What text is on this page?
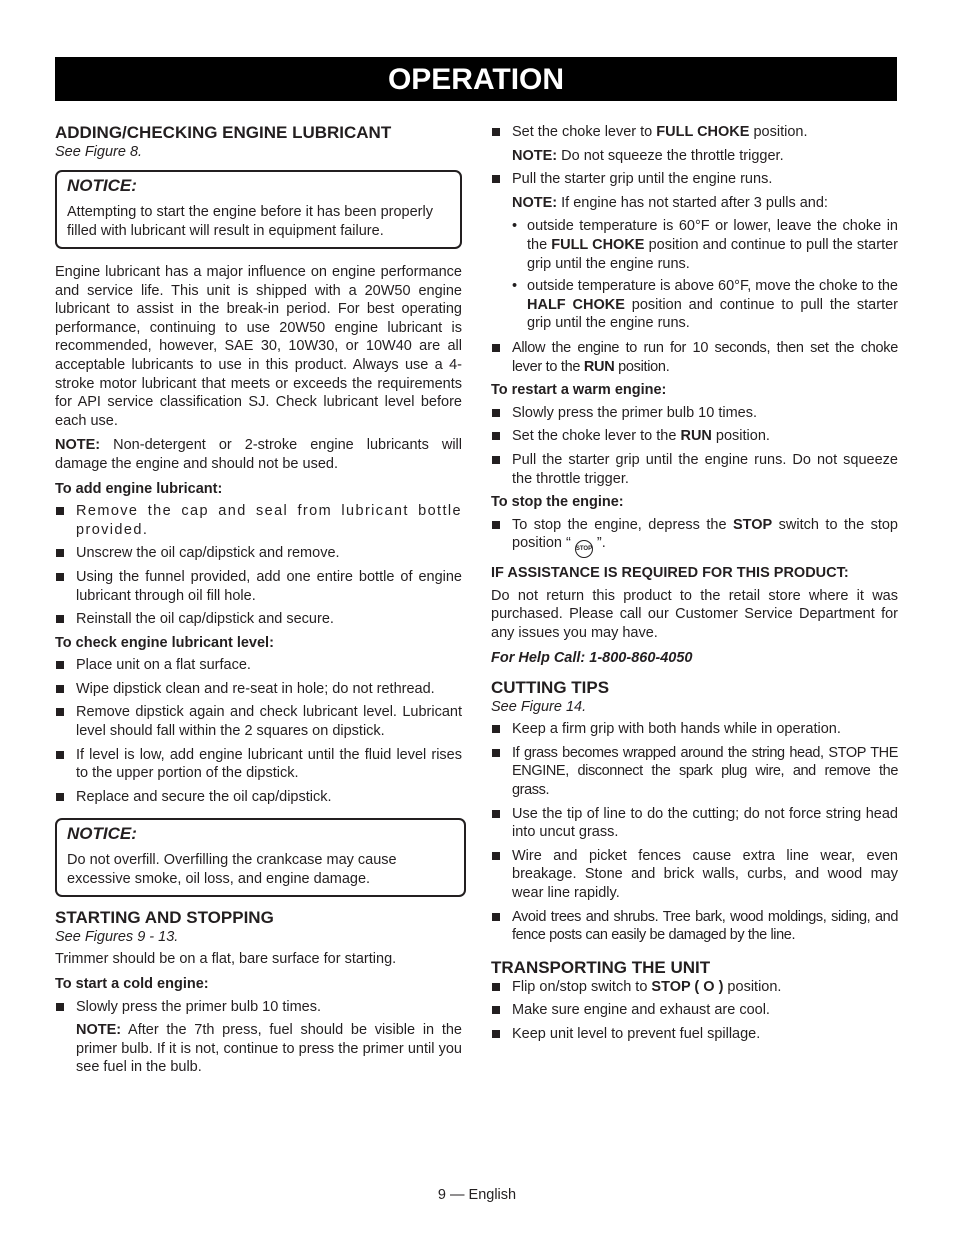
OPERATION
ADDING/CHECKING ENGINE LUBRICANT
See Figure 8.
NOTICE:

Attempting to start the engine before it has been properly filled with lubricant will result in equipment failure.

Engine lubricant has a major influence on engine performance and service life. This unit is shipped with a 20W50 engine lubricant to assist in the break-in period. For best operating performance, continuing to use 20W50 engine lubricant is recommended, however, SAE 30, 10W30, or 10W40 are all acceptable lubricants to use in this product. Always use a 4-stroke motor lubricant that meets or exceeds the requirements for API service classification SJ. Check lubricant level before each use.

NOTE: Non-detergent or 2-stroke engine lubricants will damage the engine and should not be used.

To add engine lubricant:
Remove the cap and seal from lubricant bottle provided.
Unscrew the oil cap/dipstick and remove.
Using the funnel provided, add one entire bottle of engine lubricant through oil fill hole.
Reinstall the oil cap/dipstick and secure.
To check engine lubricant level:
Place unit on a flat surface.
Wipe dipstick clean and re-seat in hole; do not rethread.
Remove dipstick again and check lubricant level. Lubricant level should fall within the 2 squares on dipstick.
If level is low, add engine lubricant until the fluid level rises to the upper portion of the dipstick.
Replace and secure the oil cap/dipstick.
NOTICE:

Do not overfill. Overfilling the crankcase may cause excessive smoke, oil loss, and engine damage.

STARTING AND STOPPING
See Figures 9 - 13.

Trimmer should be on a flat, bare surface for starting.

To start a cold engine:
Slowly press the primer bulb 10 times.

NOTE: After the 7th press, fuel should be visible in the primer bulb. If it is not, continue to press the primer until you see fuel in the bulb.

Set the choke lever to FULL CHOKE position.

NOTE: Do not squeeze the throttle trigger.

Pull the starter grip until the engine runs.

NOTE: If engine has not started after 3 pulls and:

• outside temperature is 60°F or lower, leave the choke in the FULL CHOKE position and continue to pull the starter grip until the engine runs.
• outside temperature is above 60°F, move the choke to the HALF CHOKE position and continue to pull the starter grip until the engine runs.
Allow the engine to run for 10 seconds, then set the choke lever to the RUN position.
To restart a warm engine:
Slowly press the primer bulb 10 times.
Set the choke lever to the RUN position.
Pull the starter grip until the engine runs. Do not squeeze the throttle trigger.
To stop the engine:
To stop the engine, depress the STOP switch to the stop position “ STOP ”.
IF ASSISTANCE IS REQUIRED FOR THIS PRODUCT:

Do not return this product to the retail store where it was purchased. Please call our Customer Service Department for any issues you may have.

For Help Call: 1-800-860-4050

CUTTING TIPS
See Figure 14.
Keep a firm grip with both hands while in operation.
If grass becomes wrapped around the string head, STOP THE ENGINE, disconnect the spark plug wire, and remove the grass.
Use the tip of line to do the cutting; do not force string head into uncut grass.
Wire and picket fences cause extra line wear, even breakage. Stone and brick walls, curbs, and wood may wear line rapidly.
Avoid trees and shrubs. Tree bark, wood moldings, siding, and fence posts can easily be damaged by the line.
TRANSPORTING THE UNIT
Flip on/stop switch to STOP ( O ) position.
Make sure engine and exhaust are cool.
Keep unit level to prevent fuel spillage.
9 — English
